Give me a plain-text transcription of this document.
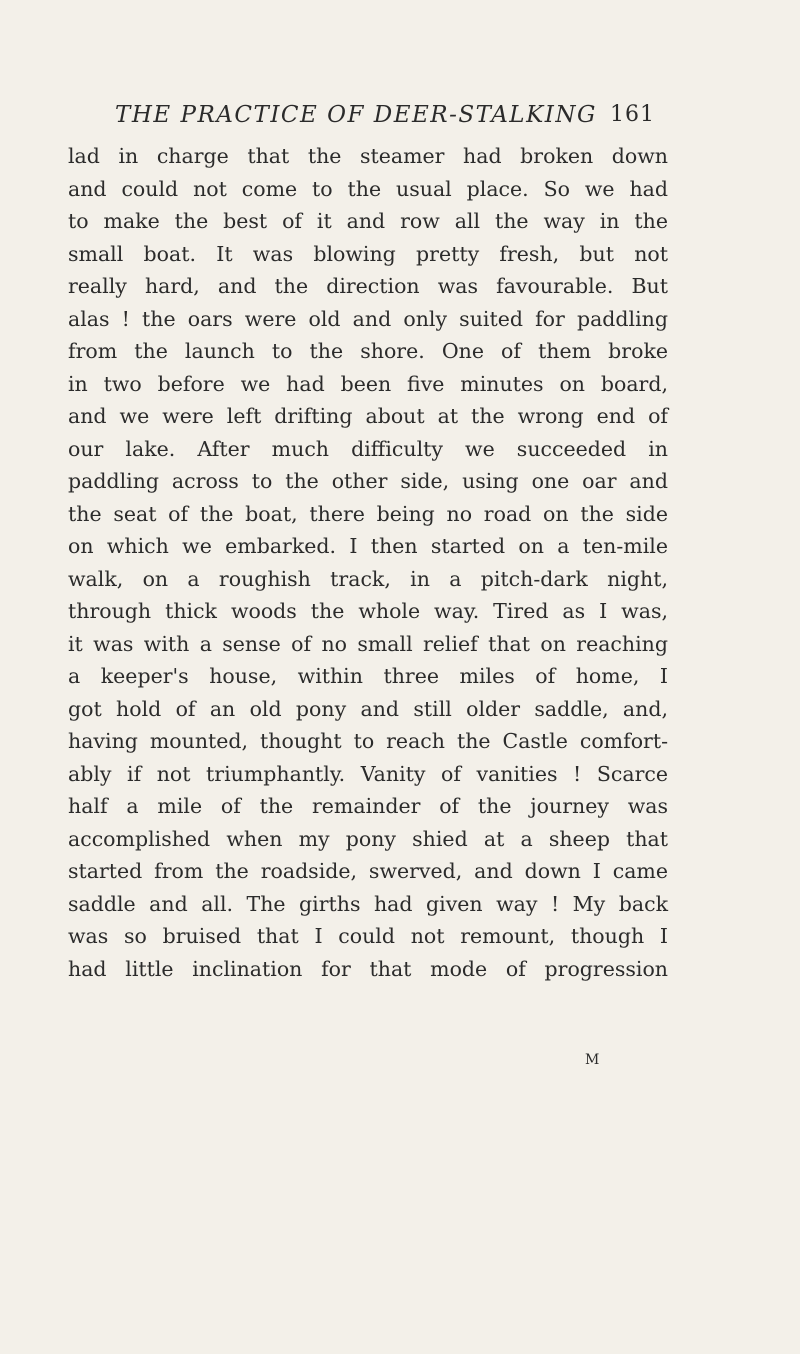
THE PRACTICE OF DEER-STALKING 161
lad in charge that the steamer had broken down
and could not come to the usual place. So we had
to make the best of it and row all the way in the
small boat. It was blowing pretty fresh, but not
really hard, and the direction was favourable. But
alas ! the oars were old and only suited for paddling
from the launch to the shore. One of them broke
in two before we had been five minutes on board,
and we were left drifting about at the wrong end of
our lake. After much difficulty we succeeded in
paddling across to the other side, using one oar and
the seat of the boat, there being no road on the side
on which we embarked. I then started on a ten-mile
walk, on a roughish track, in a pitch-dark night,
through thick woods the whole way. Tired as I was,
it was with a sense of no small relief that on reaching
a keeper's house, within three miles of home, I
got hold of an old pony and still older saddle, and,
having mounted, thought to reach the Castle comfort-
ably if not triumphantly. Vanity of vanities ! Scarce
half a mile of the remainder of the journey was
accomplished when my pony shied at a sheep that
started from the roadside, swerved, and down I came
saddle and all. The girths had given way ! My back
was so bruised that I could not remount, though I
had little inclination for that mode of progression
M
